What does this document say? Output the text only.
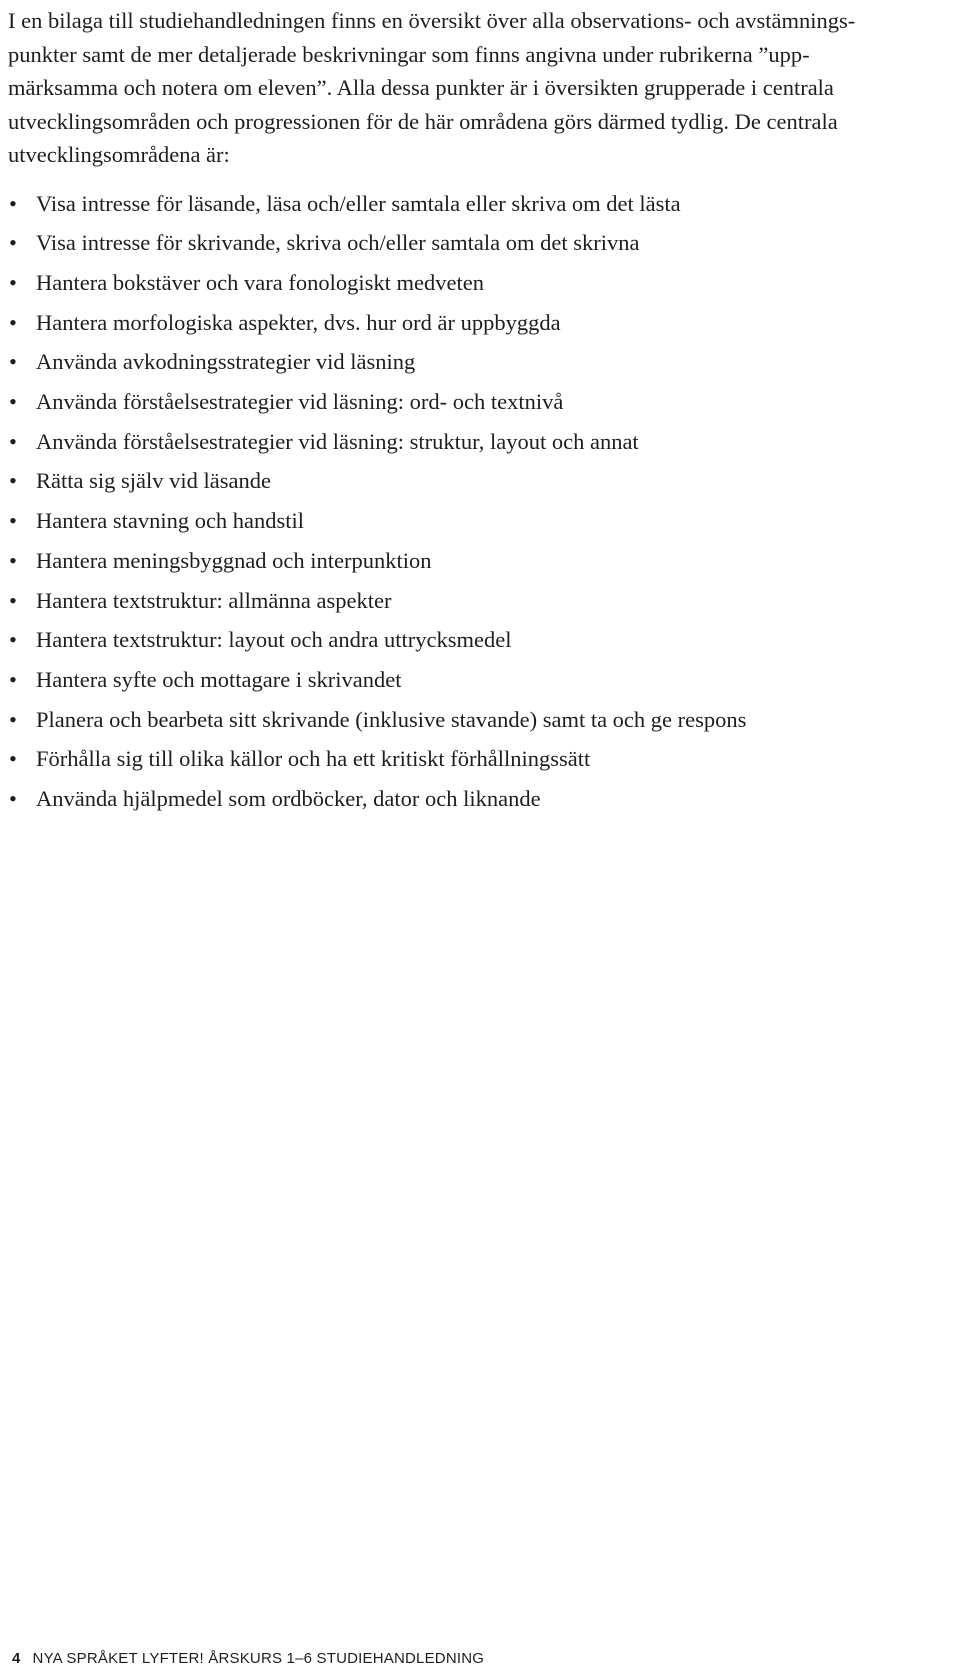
I en bilaga till studiehandledningen finns en översikt över alla observations- och avstämnings-
punkter samt de mer detaljerade beskrivningar som finns angivna under rubrikerna ”upp-
märksamma och notera om eleven”. Alla dessa punkter är i översikten grupperade i centrala
utvecklingsområden och progressionen för de här områdena görs därmed tydlig. De centrala
utvecklingsområdena är:

• Visa intresse för läsande, läsa och/eller samtala eller skriva om det lästa
• Visa intresse för skrivande, skriva och/eller samtala om det skrivna
• Hantera bokstäver och vara fonologiskt medveten
• Hantera morfologiska aspekter, dvs. hur ord är uppbyggda
• Använda avkodningsstrategier vid läsning
• Använda förståelsestrategier vid läsning: ord- och textnivå
• Använda förståelsestrategier vid läsning: struktur, layout och annat
• Rätta sig själv vid läsande
• Hantera stavning och handstil
• Hantera meningsbyggnad och interpunktion
• Hantera textstruktur: allmänna aspekter
• Hantera textstruktur: layout och andra uttrycksmedel
• Hantera syfte och mottagare i skrivandet
• Planera och bearbeta sitt skrivande (inklusive stavande) samt ta och ge respons
• Förhålla sig till olika källor och ha ett kritiskt förhållningssätt
• Använda hjälpmedel som ordböcker, dator och liknande
4 NYA SPRÅKET LYFTER! ÅRSKURS 1–6 STUDIEHANDLEDNING
